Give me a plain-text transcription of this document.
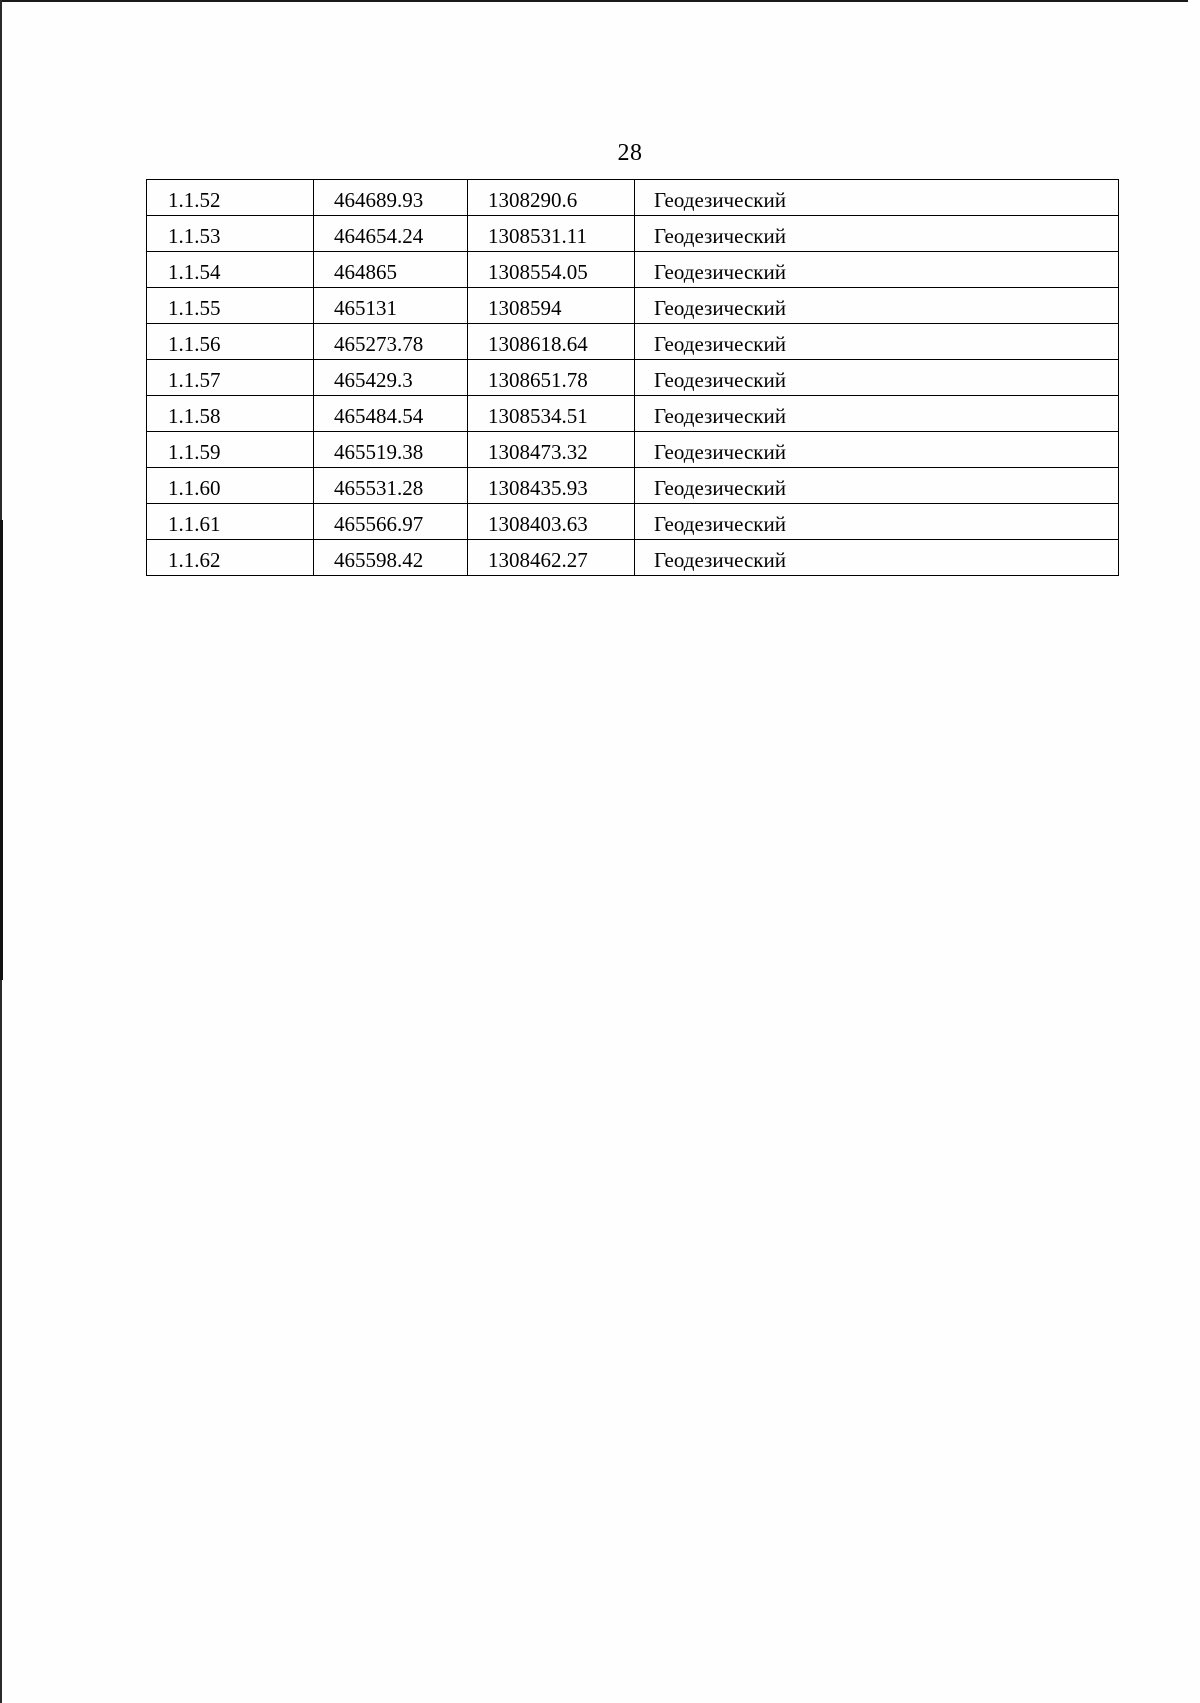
28
1.1.52	464689.93	1308290.6	Геодезический
1.1.53	464654.24	1308531.11	Геодезический
1.1.54	464865	1308554.05	Геодезический
1.1.55	465131	1308594	Геодезический
1.1.56	465273.78	1308618.64	Геодезический
1.1.57	465429.3	1308651.78	Геодезический
1.1.58	465484.54	1308534.51	Геодезический
1.1.59	465519.38	1308473.32	Геодезический
1.1.60	465531.28	1308435.93	Геодезический
1.1.61	465566.97	1308403.63	Геодезический
1.1.62	465598.42	1308462.27	Геодезический
